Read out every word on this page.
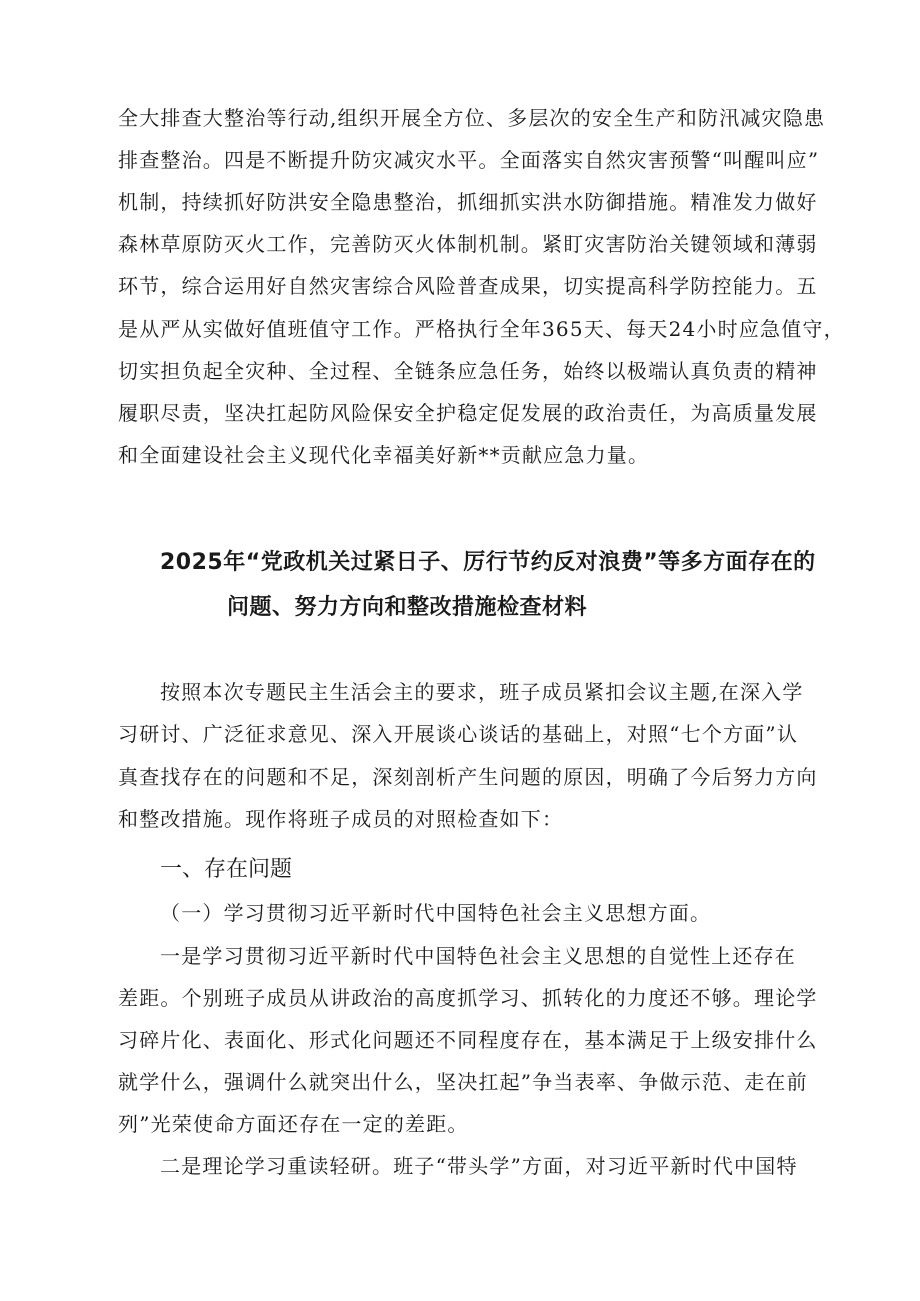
全大排查大整治等行动,组织开展全方位、多层次的安全生产和防汛减灾隐患
排查整治。四是不断提升防灾减灾水平。全面落实自然灾害预警“叫醒叫应”
机制，持续抓好防洪安全隐患整治，抓细抓实洪水防御措施。精准发力做好
森林草原防灭火工作，完善防灭火体制机制。紧盯灾害防治关键领域和薄弱
环节，综合运用好自然灾害综合风险普查成果，切实提高科学防控能力。五
是从严从实做好值班值守工作。严格执行全年365天、每天24小时应急值守，
切实担负起全灾种、全过程、全链条应急任务，始终以极端认真负责的精神
履职尽责，坚决扛起防风险保安全护稳定促发展的政治责任，为高质量发展
和全面建设社会主义现代化幸福美好新**贡献应急力量。
2025年“党政机关过紧日子、厉行节约反对浪费”等多方面存在的
问题、努力方向和整改措施检查材料
按照本次专题民主生活会主的要求，班子成员紧扣会议主题,在深入学
习研讨、广泛征求意见、深入开展谈心谈话的基础上，对照“七个方面”认
真查找存在的问题和不足，深刻剖析产生问题的原因，明确了今后努力方向
和整改措施。现作将班子成员的对照检查如下：
一、存在问题
（一）学习贯彻习近平新时代中国特色社会主义思想方面。
一是学习贯彻习近平新时代中国特色社会主义思想的自觉性上还存在
差距。个别班子成员从讲政治的高度抓学习、抓转化的力度还不够。理论学
习碎片化、表面化、形式化问题还不同程度存在，基本满足于上级安排什么
就学什么，强调什么就突出什么，坚决扛起”争当表率、争做示范、走在前
列”光荣使命方面还存在一定的差距。
二是理论学习重读轻研。班子“带头学”方面，对习近平新时代中国特
